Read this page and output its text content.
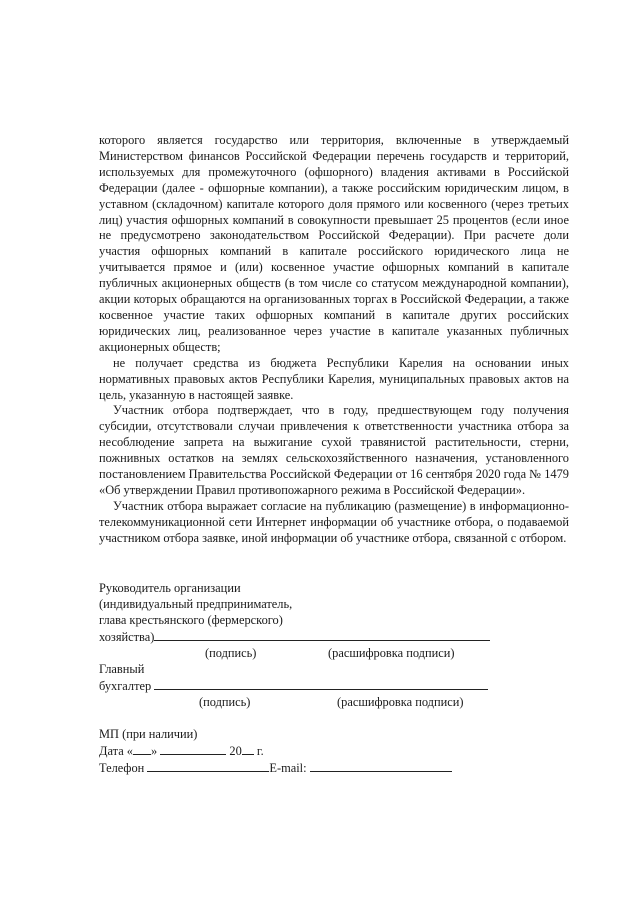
которого является государство или территория, включенные в утверждаемый Министерством финансов Российской Федерации перечень государств и территорий, используемых для промежуточного (офшорного) владения активами в Российской Федерации (далее - офшорные компании), а также российским юридическим лицом, в уставном (складочном) капитале которого доля прямого или косвенного (через третьих лиц) участия офшорных компаний в совокупности превышает 25 процентов (если иное не предусмотрено законодательством Российской Федерации). При расчете доли участия офшорных компаний в капитале российского юридического лица не учитывается прямое и (или) косвенное участие офшорных компаний в капитале публичных акционерных обществ (в том числе со статусом международной компании), акции которых обращаются на организованных торгах в Российской Федерации, а также косвенное участие таких офшорных компаний в капитале других российских юридических лиц, реализованное через участие в капитале указанных публичных акционерных обществ;

не получает средства из бюджета Республики Карелия на основании иных нормативных правовых актов Республики Карелия, муниципальных правовых актов на цель, указанную в настоящей заявке.

Участник отбора подтверждает, что в году, предшествующем году получения субсидии, отсутствовали случаи привлечения к ответственности участника отбора за несоблюдение запрета на выжигание сухой травянистой растительности, стерни, пожнивных остатков на землях сельскохозяйственного назначения, установленного постановлением Правительства Российской Федерации от 16 сентября 2020 года № 1479 «Об утверждении Правил противопожарного режима в Российской Федерации».

Участник отбора выражает согласие на публикацию (размещение) в информационно-телекоммуникационной сети Интернет информации об участнике отбора, о подаваемой участником отбора заявке, иной информации об участнике отбора, связанной с отбором.

Руководитель организации
(индивидуальный предприниматель,
глава крестьянского (фермерского)
хозяйства)
(подпись)	(расшифровка подписи)
Главный
бухгалтер
(подпись)	(расшифровка подписи)
МП (при наличии)
Дата « »	20 г.
Телефон	E-mail:
